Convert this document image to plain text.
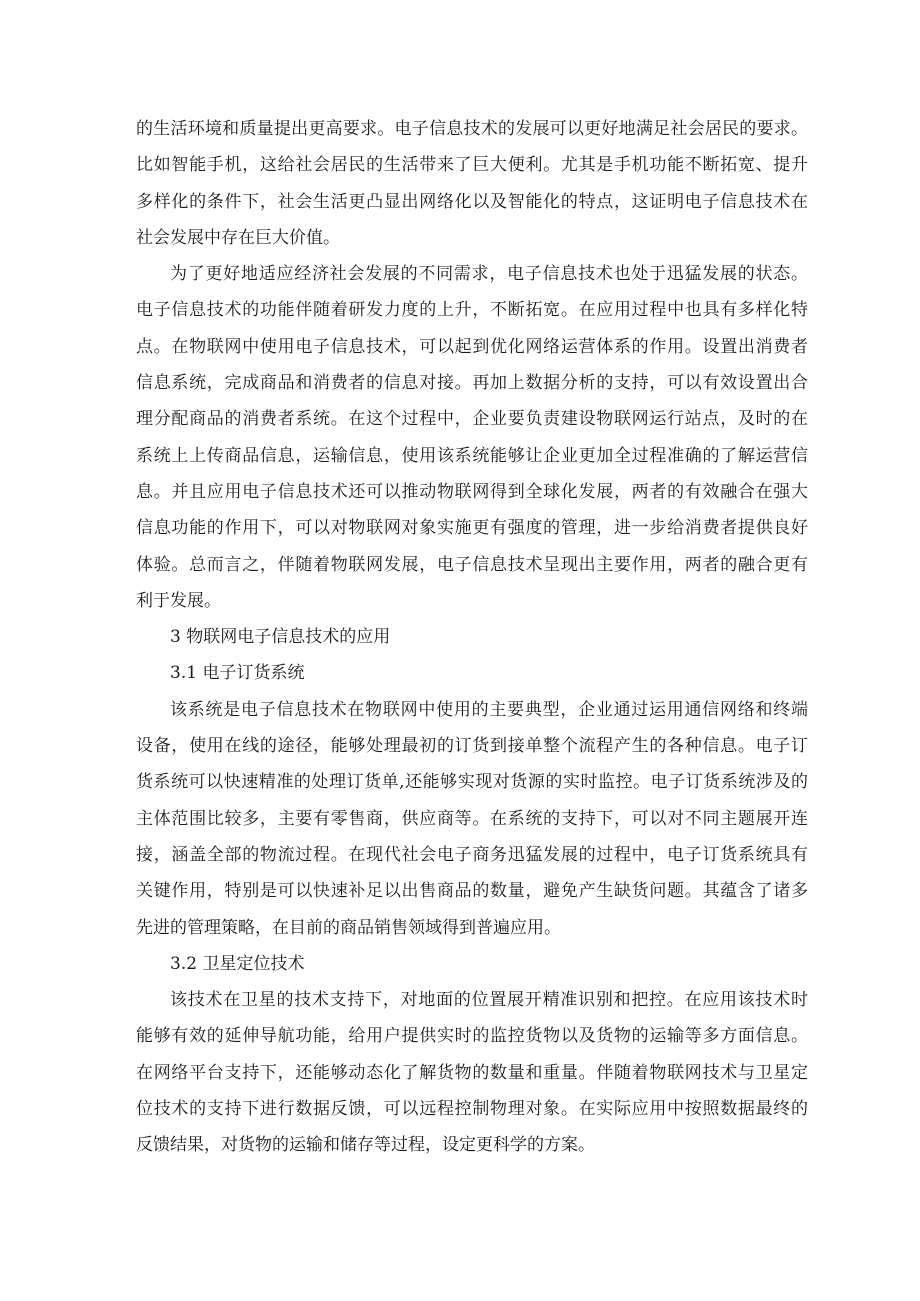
的生活环境和质量提出更高要求。电子信息技术的发展可以更好地满足社会居民的要求。
比如智能手机，这给社会居民的生活带来了巨大便利。尤其是手机功能不断拓宽、提升
多样化的条件下，社会生活更凸显出网络化以及智能化的特点，这证明电子信息技术在
社会发展中存在巨大价值。
为了更好地适应经济社会发展的不同需求，电子信息技术也处于迅猛发展的状态。
电子信息技术的功能伴随着研发力度的上升，不断拓宽。在应用过程中也具有多样化特
点。在物联网中使用电子信息技术，可以起到优化网络运营体系的作用。设置出消费者
信息系统，完成商品和消费者的信息对接。再加上数据分析的支持，可以有效设置出合
理分配商品的消费者系统。在这个过程中，企业要负责建设物联网运行站点，及时的在
系统上上传商品信息，运输信息，使用该系统能够让企业更加全过程准确的了解运营信
息。并且应用电子信息技术还可以推动物联网得到全球化发展，两者的有效融合在强大
信息功能的作用下，可以对物联网对象实施更有强度的管理，进一步给消费者提供良好
体验。总而言之，伴随着物联网发展，电子信息技术呈现出主要作用，两者的融合更有
利于发展。
3 物联网电子信息技术的应用
3.1 电子订货系统
该系统是电子信息技术在物联网中使用的主要典型，企业通过运用通信网络和终端
设备，使用在线的途径，能够处理最初的订货到接单整个流程产生的各种信息。电子订
货系统可以快速精准的处理订货单,还能够实现对货源的实时监控。电子订货系统涉及的
主体范围比较多，主要有零售商，供应商等。在系统的支持下，可以对不同主题展开连
接，涵盖全部的物流过程。在现代社会电子商务迅猛发展的过程中，电子订货系统具有
关键作用，特别是可以快速补足以出售商品的数量，避免产生缺货问题。其蕴含了诸多
先进的管理策略，在目前的商品销售领域得到普遍应用。
3.2 卫星定位技术
该技术在卫星的技术支持下，对地面的位置展开精准识别和把控。在应用该技术时
能够有效的延伸导航功能，给用户提供实时的监控货物以及货物的运输等多方面信息。
在网络平台支持下，还能够动态化了解货物的数量和重量。伴随着物联网技术与卫星定
位技术的支持下进行数据反馈，可以远程控制物理对象。在实际应用中按照数据最终的
反馈结果，对货物的运输和储存等过程，设定更科学的方案。
